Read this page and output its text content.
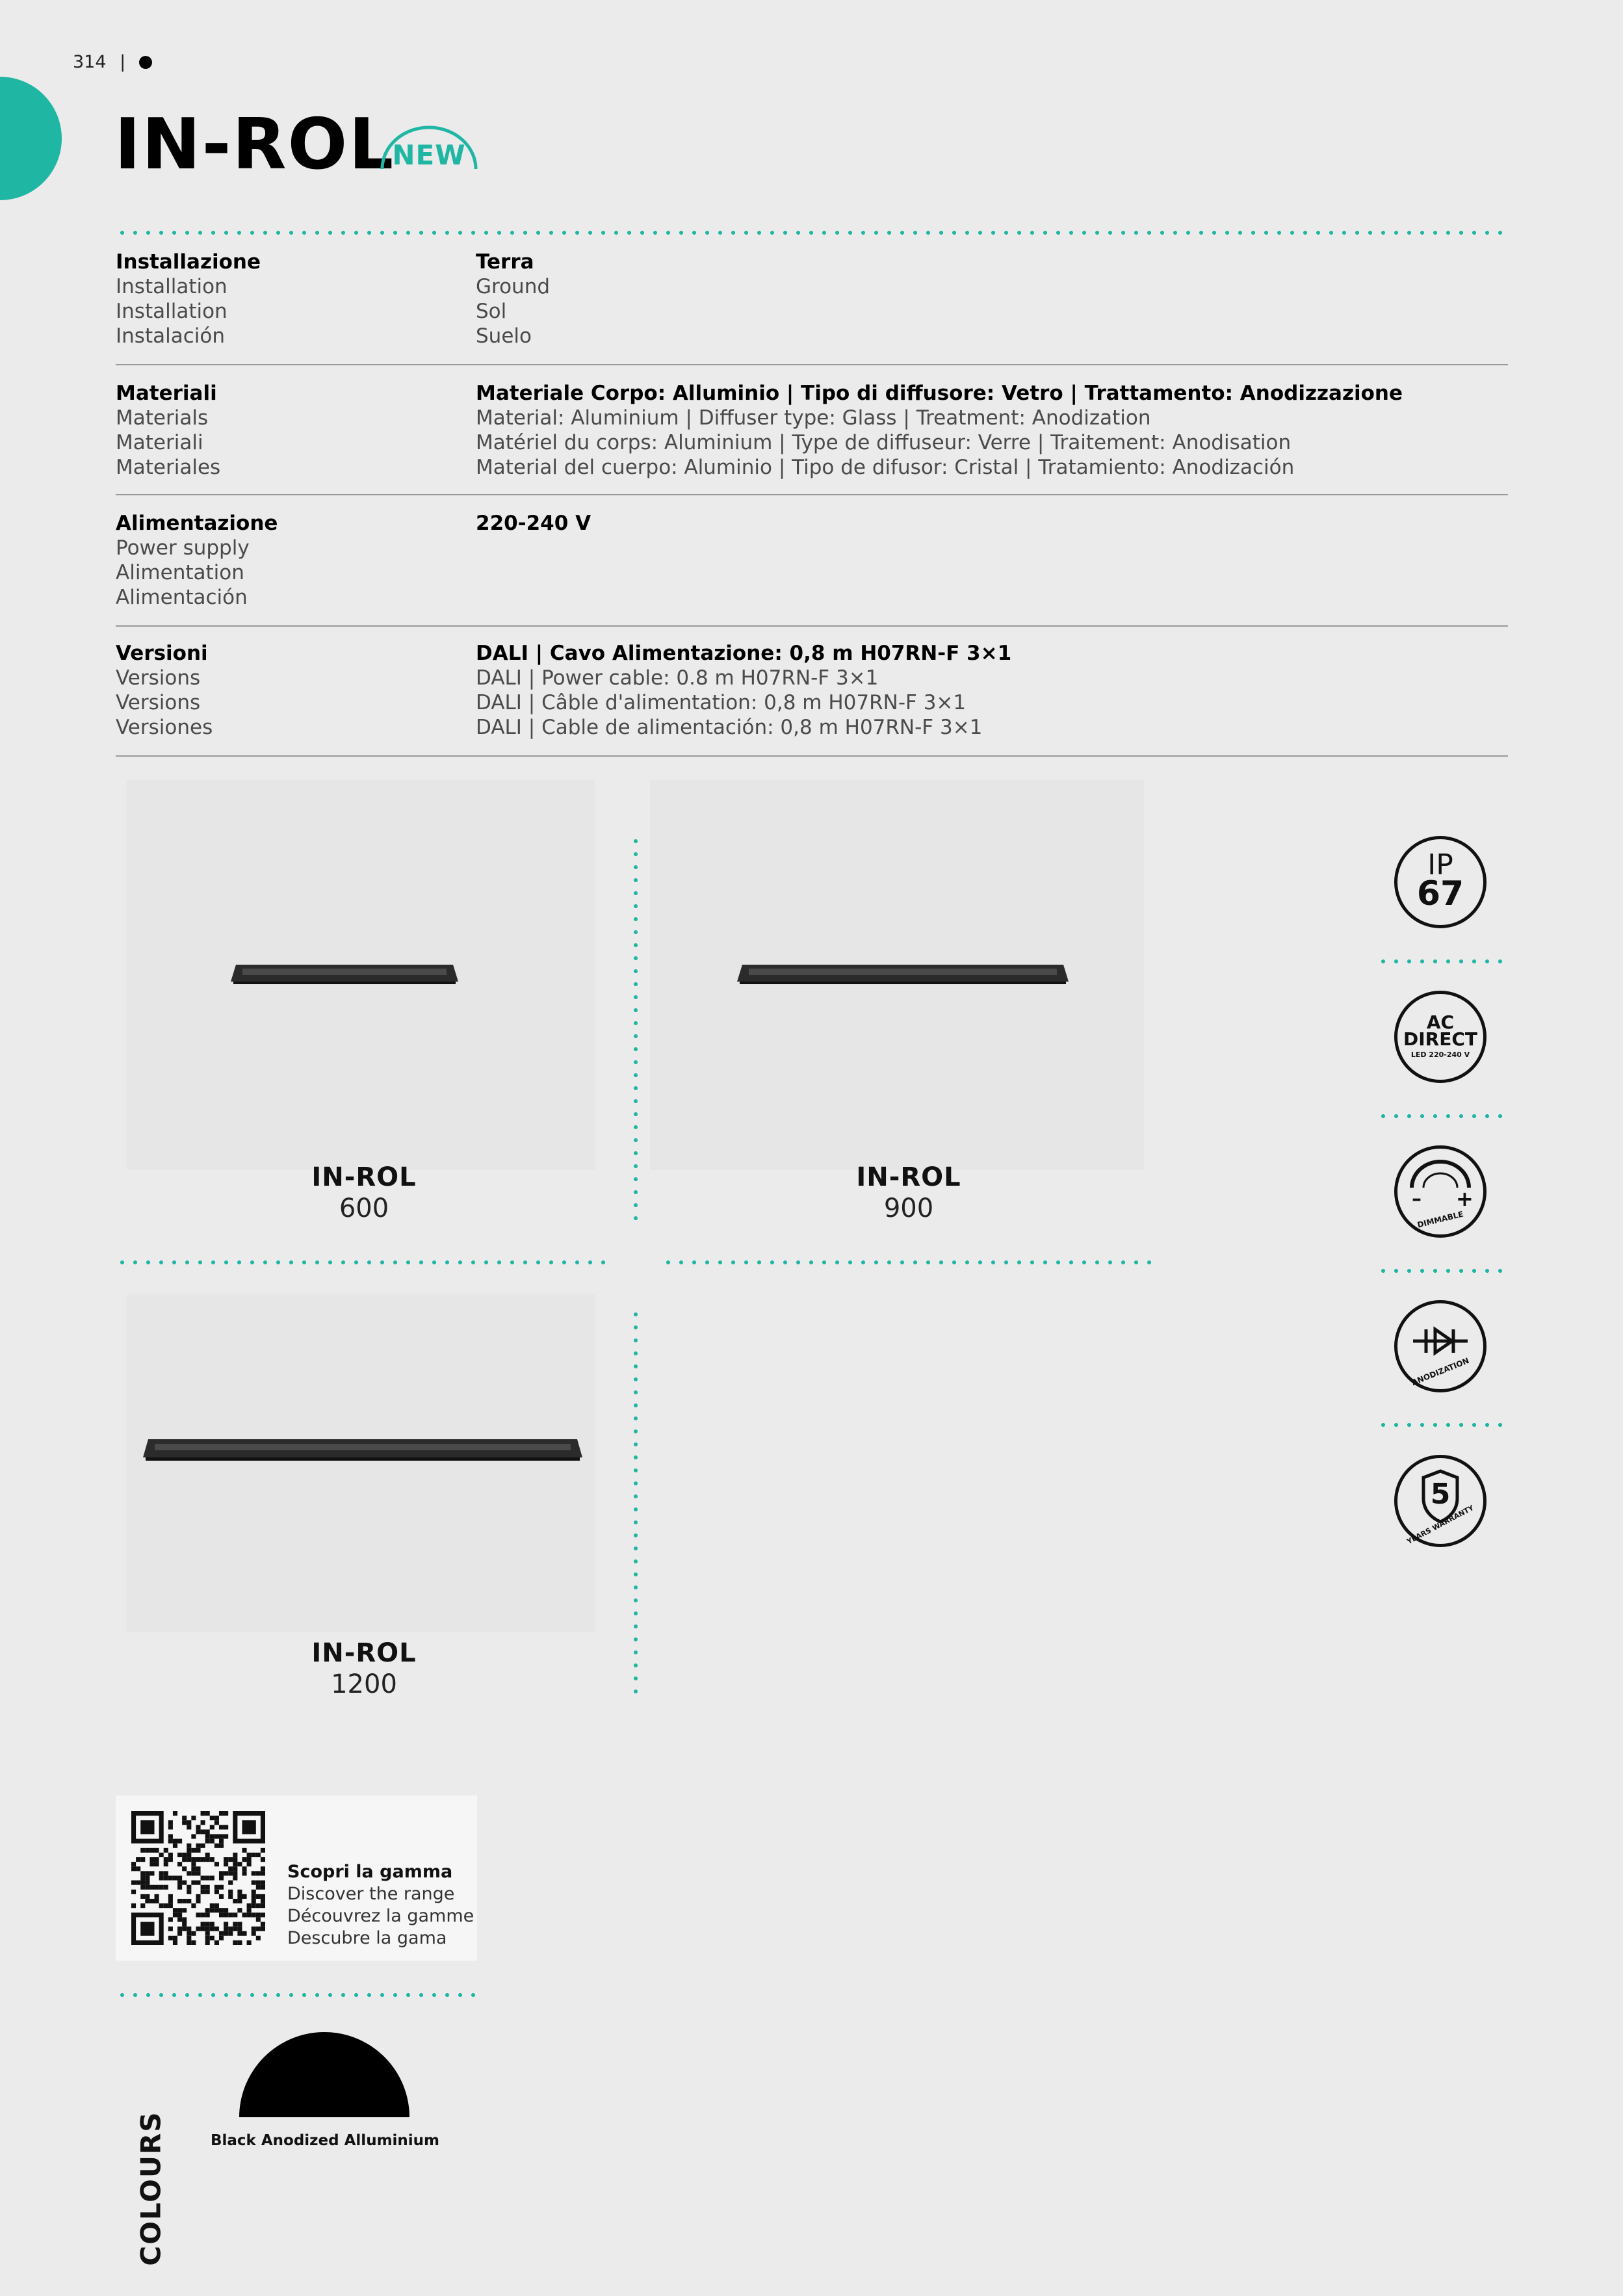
314 |
IN-ROL
NEW
Installazione
Installation
Installation
Instalación
Terra
Ground
Sol
Suelo
Materiali
Materials
Materiali
Materiales
Materiale Corpo: Alluminio | Tipo di diffusore: Vetro | Trattamento: Anodizzazione
Material: Aluminium | Diffuser type: Glass | Treatment: Anodization
Matériel du corps: Aluminium | Type de diffuseur: Verre | Traitement: Anodisation
Material del cuerpo: Aluminio | Tipo de difusor: Cristal | Tratamiento: Anodización
Alimentazione
Power supply
Alimentation
Alimentación
220-240 V
Versioni
Versions
Versions
Versiones
DALI | Cavo Alimentazione: 0,8 m H07RN-F 3×1
DALI | Power cable: 0.8 m H07RN-F 3×1
DALI | Câble d'alimentation: 0,8 m H07RN-F 3×1
DALI | Cable de alimentación: 0,8 m H07RN-F 3×1
IN-ROL
600
IN-ROL
900
IN-ROL
1200
IP
67
AC
DIRECT
LED 220-240 V
– +
DIMMABLE
ANODIZATION
5
YEARS WARRANTY
Scopri la gamma
Discover the range
Découvrez la gamme
Descubre la gama
COLOURS	Black Anodized Alluminium
